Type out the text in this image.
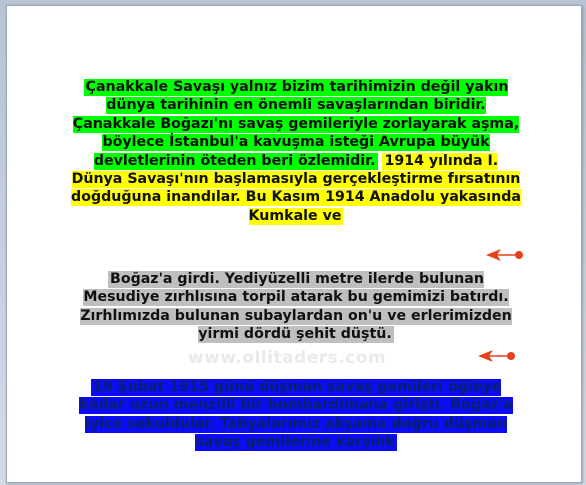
Çanakkale Savaşı yalnız bizim tarihimizin değil yakın dünya tarihinin en önemli savaşlarından biridir. Çanakkale Boğazı'nı savaş gemileriyle zorlayarak aşma, böylece İstanbul'a kavuşma isteği Avrupa büyük devletlerinin öteden beri özlemidir. 1914 yılında I. Dünya Savaşı'nın başlamasıyla gerçekleştirme fırsatının doğduğuna inandılar. Bu Kasım 1914 Anadolu yakasında Kumkale ve

Boğaz'a girdi. Yediyüzelli metre ilerde bulunan Mesudiye zırhlısına torpil atarak bu gemimizi batırdı. Zırhlımızda bulunan subaylardan on'u ve erlerimizden yirmi dördü şehit düştü.

www.ollitaders.com

19 Şubat 1915 günü düşman savaş gemileri öğleye kadar uzun menzilli bir bombardımana giriştı. Boğaz'a iyice sokuldular. Tabyalarımız akşama doğru düşman savaş gemilerine karşılık
